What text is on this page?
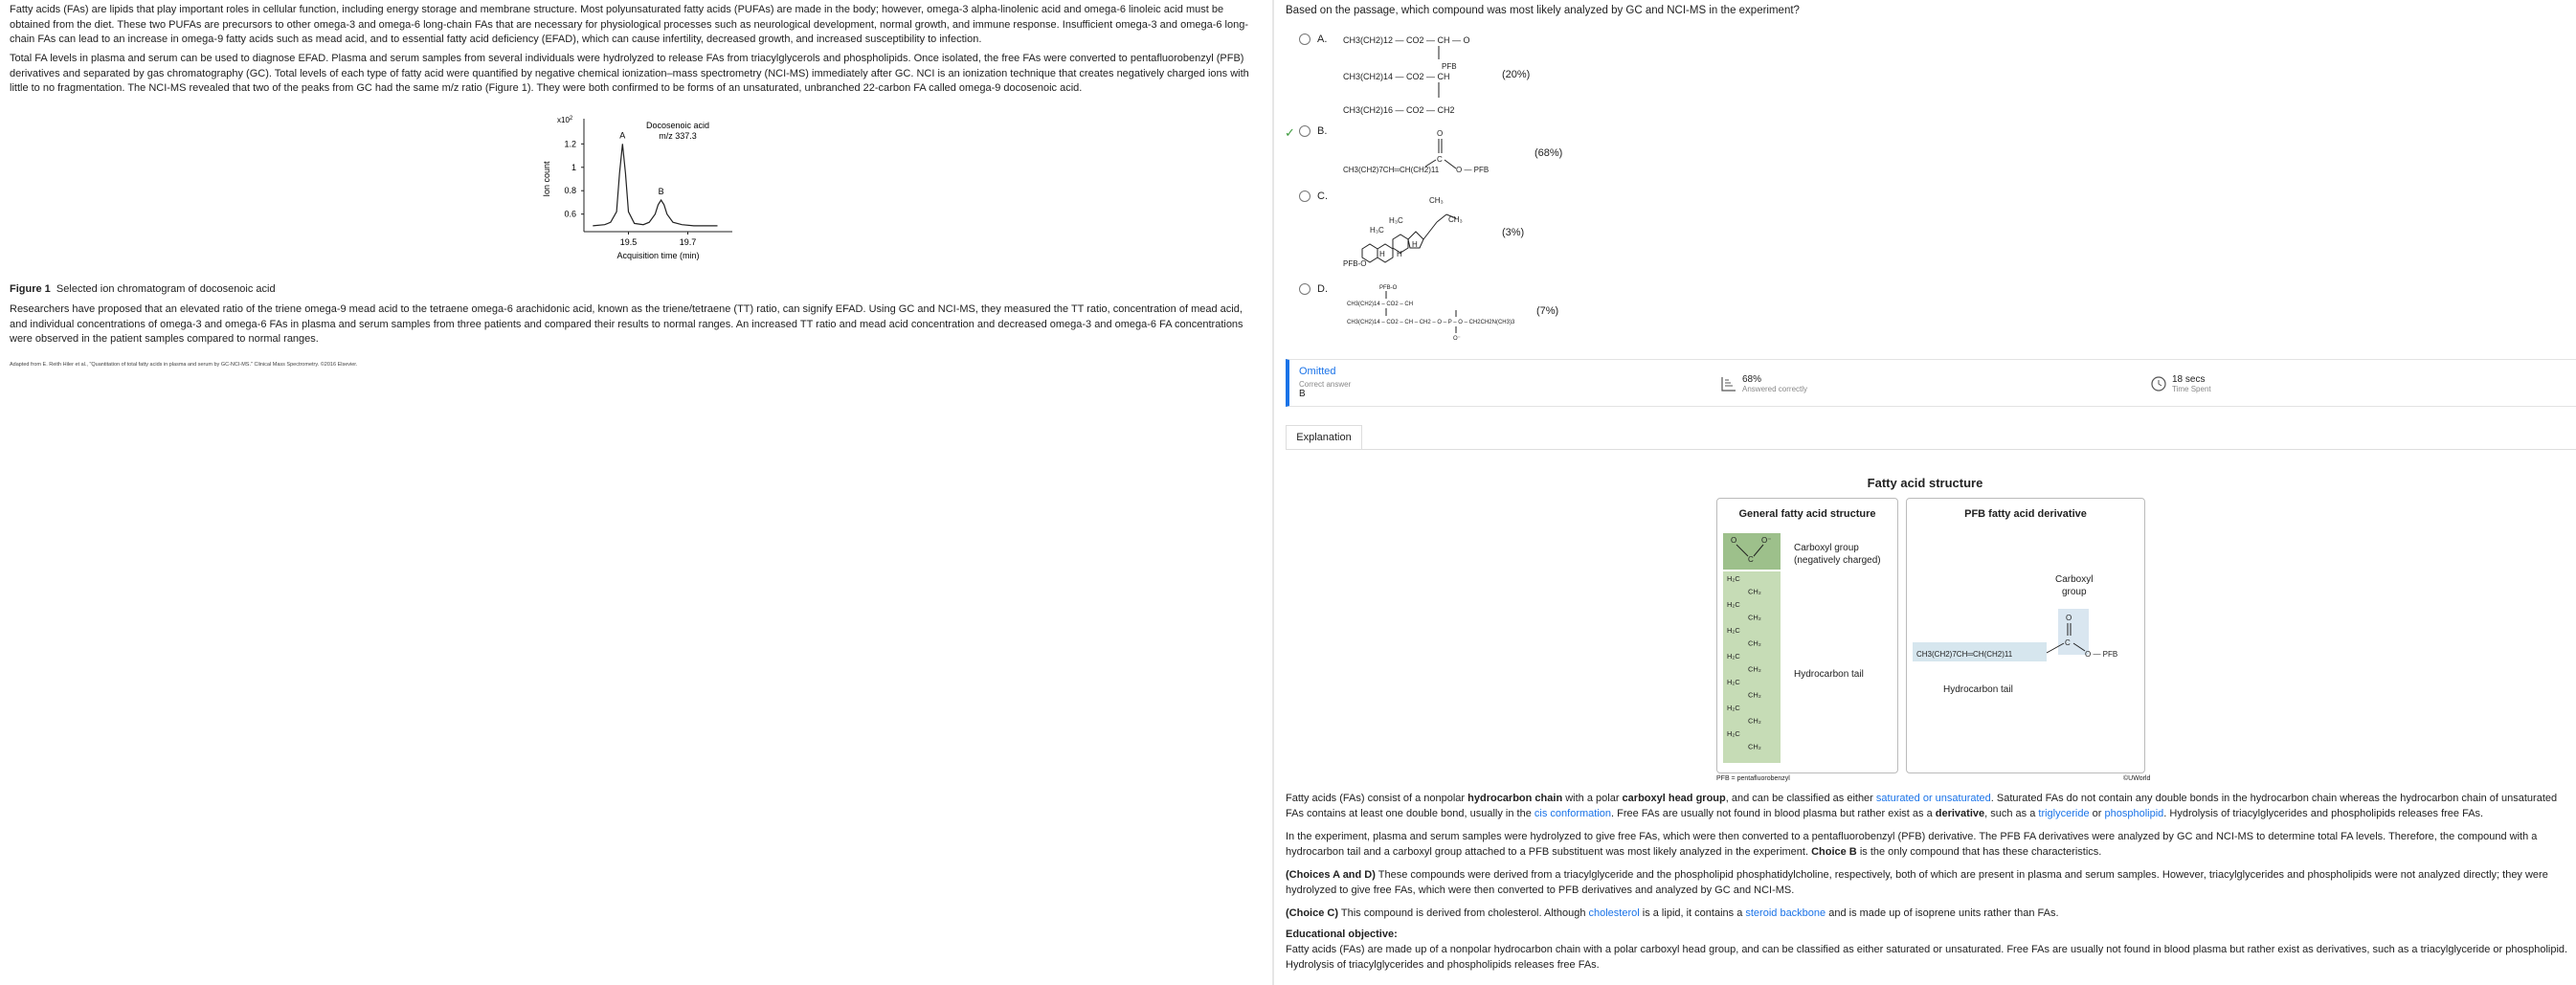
Fatty acids (FAs) are lipids that play important roles in cellular function, including energy storage and membrane structure. Most polyunsaturated fatty acids (PUFAs) are made in the body; however, omega-3 alpha-linolenic acid and omega-6 linoleic acid must be obtained from the diet. These two PUFAs are precursors to other omega-3 and omega-6 long-chain FAs that are necessary for physiological processes such as neurological development, normal growth, and immune response. Insufficient omega-3 and omega-6 long-chain FAs can lead to an increase in omega-9 fatty acids such as mead acid, and to essential fatty acid deficiency (EFAD), which can cause infertility, decreased growth, and increased susceptibility to infection.
Total FA levels in plasma and serum can be used to diagnose EFAD. Plasma and serum samples from several individuals were hydrolyzed to release FAs from triacylglycerols and phospholipids. Once isolated, the free FAs were converted to pentafluorobenzyl (PFB) derivatives and separated by gas chromatography (GC). Total levels of each type of fatty acid were quantified by negative chemical ionization–mass spectrometry (NCI-MS) immediately after GC. NCI is an ionization technique that creates negatively charged ions with little to no fragmentation. The NCI-MS revealed that two of the peaks from GC had the same m/z ratio (Figure 1). They were both confirmed to be forms of an unsaturated, unbranched 22-carbon FA called omega-9 docosenoic acid.
1.2
1
0.8
0.6
19.5	19.7
$x10^2$
Ion count
Acquisition time (min)
Docosenoic acid
m/z 337.3
A
B
Figure 1 Selected ion chromatogram of docosenoic acid
Researchers have proposed that an elevated ratio of the triene omega-9 mead acid to the tetraene omega-6 arachidonic acid, known as the triene/tetraene (TT) ratio, can signify EFAD. Using GC and NCI-MS, they measured the TT ratio, concentration of mead acid, and individual concentrations of omega-3 and omega-6 FAs in plasma and serum samples from three patients and compared their results to normal ranges. An increased TT ratio and mead acid concentration and decreased omega-3 and omega-6 FA concentrations were observed in the patient samples compared to normal ranges.
Adapted from E. Reith Hiler et al., "Quantitation of total fatty acids in plasma and serum by GC-NCI-MS." Clinical Mass Spectrometry. ©2016 Elsevier.
Based on the passage, which compound was most likely analyzed by GC and NCI-MS in the experiment?
A. CH3(CH2)12 — CO2 — CH — O
PFB
CH3(CH2)14 — CO2 — CH
CH3(CH2)16 — CO2 — CH2
(20%)
✓ B.	O
C
CH3(CH2)7CH═CH(CH2)11 O — PFB
(68%)
C.
PFB-O
H₃C
H₃C
CH₃
CH₃
H H
H
(3%)
D.	PFB-O
CH3(CH2)14 – CO2 – CH
CH3(CH2)14 – CO2 – CH – CH2 – O – P – O – CH2CH2N(CH3)3
O⁻
(7%)
Omitted
Correct answer
B
68%
Answered correctly
18 secs
Time Spent
Explanation
Fatty acid structure
General fatty acid structure
O	O⁻
C
H₂C
CH₂
H₂C
CH₂
H₂C
CH₂
H₂C
CH₂
H₂C
CH₂
H₂C
CH₂
H₂C
CH₂
Carboxyl group
(negatively charged)
Hydrocarbon tail
PFB fatty acid derivative
Carboxyl
group
O
C
CH3(CH2)7CH═CH(CH2)11	O — PFB
Hydrocarbon tail
PFB = pentafluorobenzyl	©UWorld
Fatty acids (FAs) consist of a nonpolar hydrocarbon chain with a polar carboxyl head group, and can be classified as either saturated or unsaturated. Saturated FAs do not contain any double bonds in the hydrocarbon chain whereas the hydrocarbon chain of unsaturated FAs contains at least one double bond, usually in the cis conformation. Free FAs are usually not found in blood plasma but rather exist as a derivative, such as a triglyceride or phospholipid. Hydrolysis of triacylglycerides and phospholipids releases free FAs.
In the experiment, plasma and serum samples were hydrolyzed to give free FAs, which were then converted to a pentafluorobenzyl (PFB) derivative. The PFB FA derivatives were analyzed by GC and NCI-MS to determine total FA levels. Therefore, the compound with a hydrocarbon tail and a carboxyl group attached to a PFB substituent was most likely analyzed in the experiment. Choice B is the only compound that has these characteristics.
(Choices A and D) These compounds were derived from a triacylglyceride and the phospholipid phosphatidylcholine, respectively, both of which are present in plasma and serum samples. However, triacylglycerides and phospholipids were not analyzed directly; they were hydrolyzed to give free FAs, which were then converted to PFB derivatives and analyzed by GC and NCI-MS.
(Choice C) This compound is derived from cholesterol. Although cholesterol is a lipid, it contains a steroid backbone and is made up of isoprene units rather than FAs.
Educational objective:
Fatty acids (FAs) are made up of a nonpolar hydrocarbon chain with a polar carboxyl head group, and can be classified as either saturated or unsaturated. Free FAs are usually not found in blood plasma but rather exist as derivatives, such as a triacylglyceride or phospholipid. Hydrolysis of triacylglycerides and phospholipids releases free FAs.
